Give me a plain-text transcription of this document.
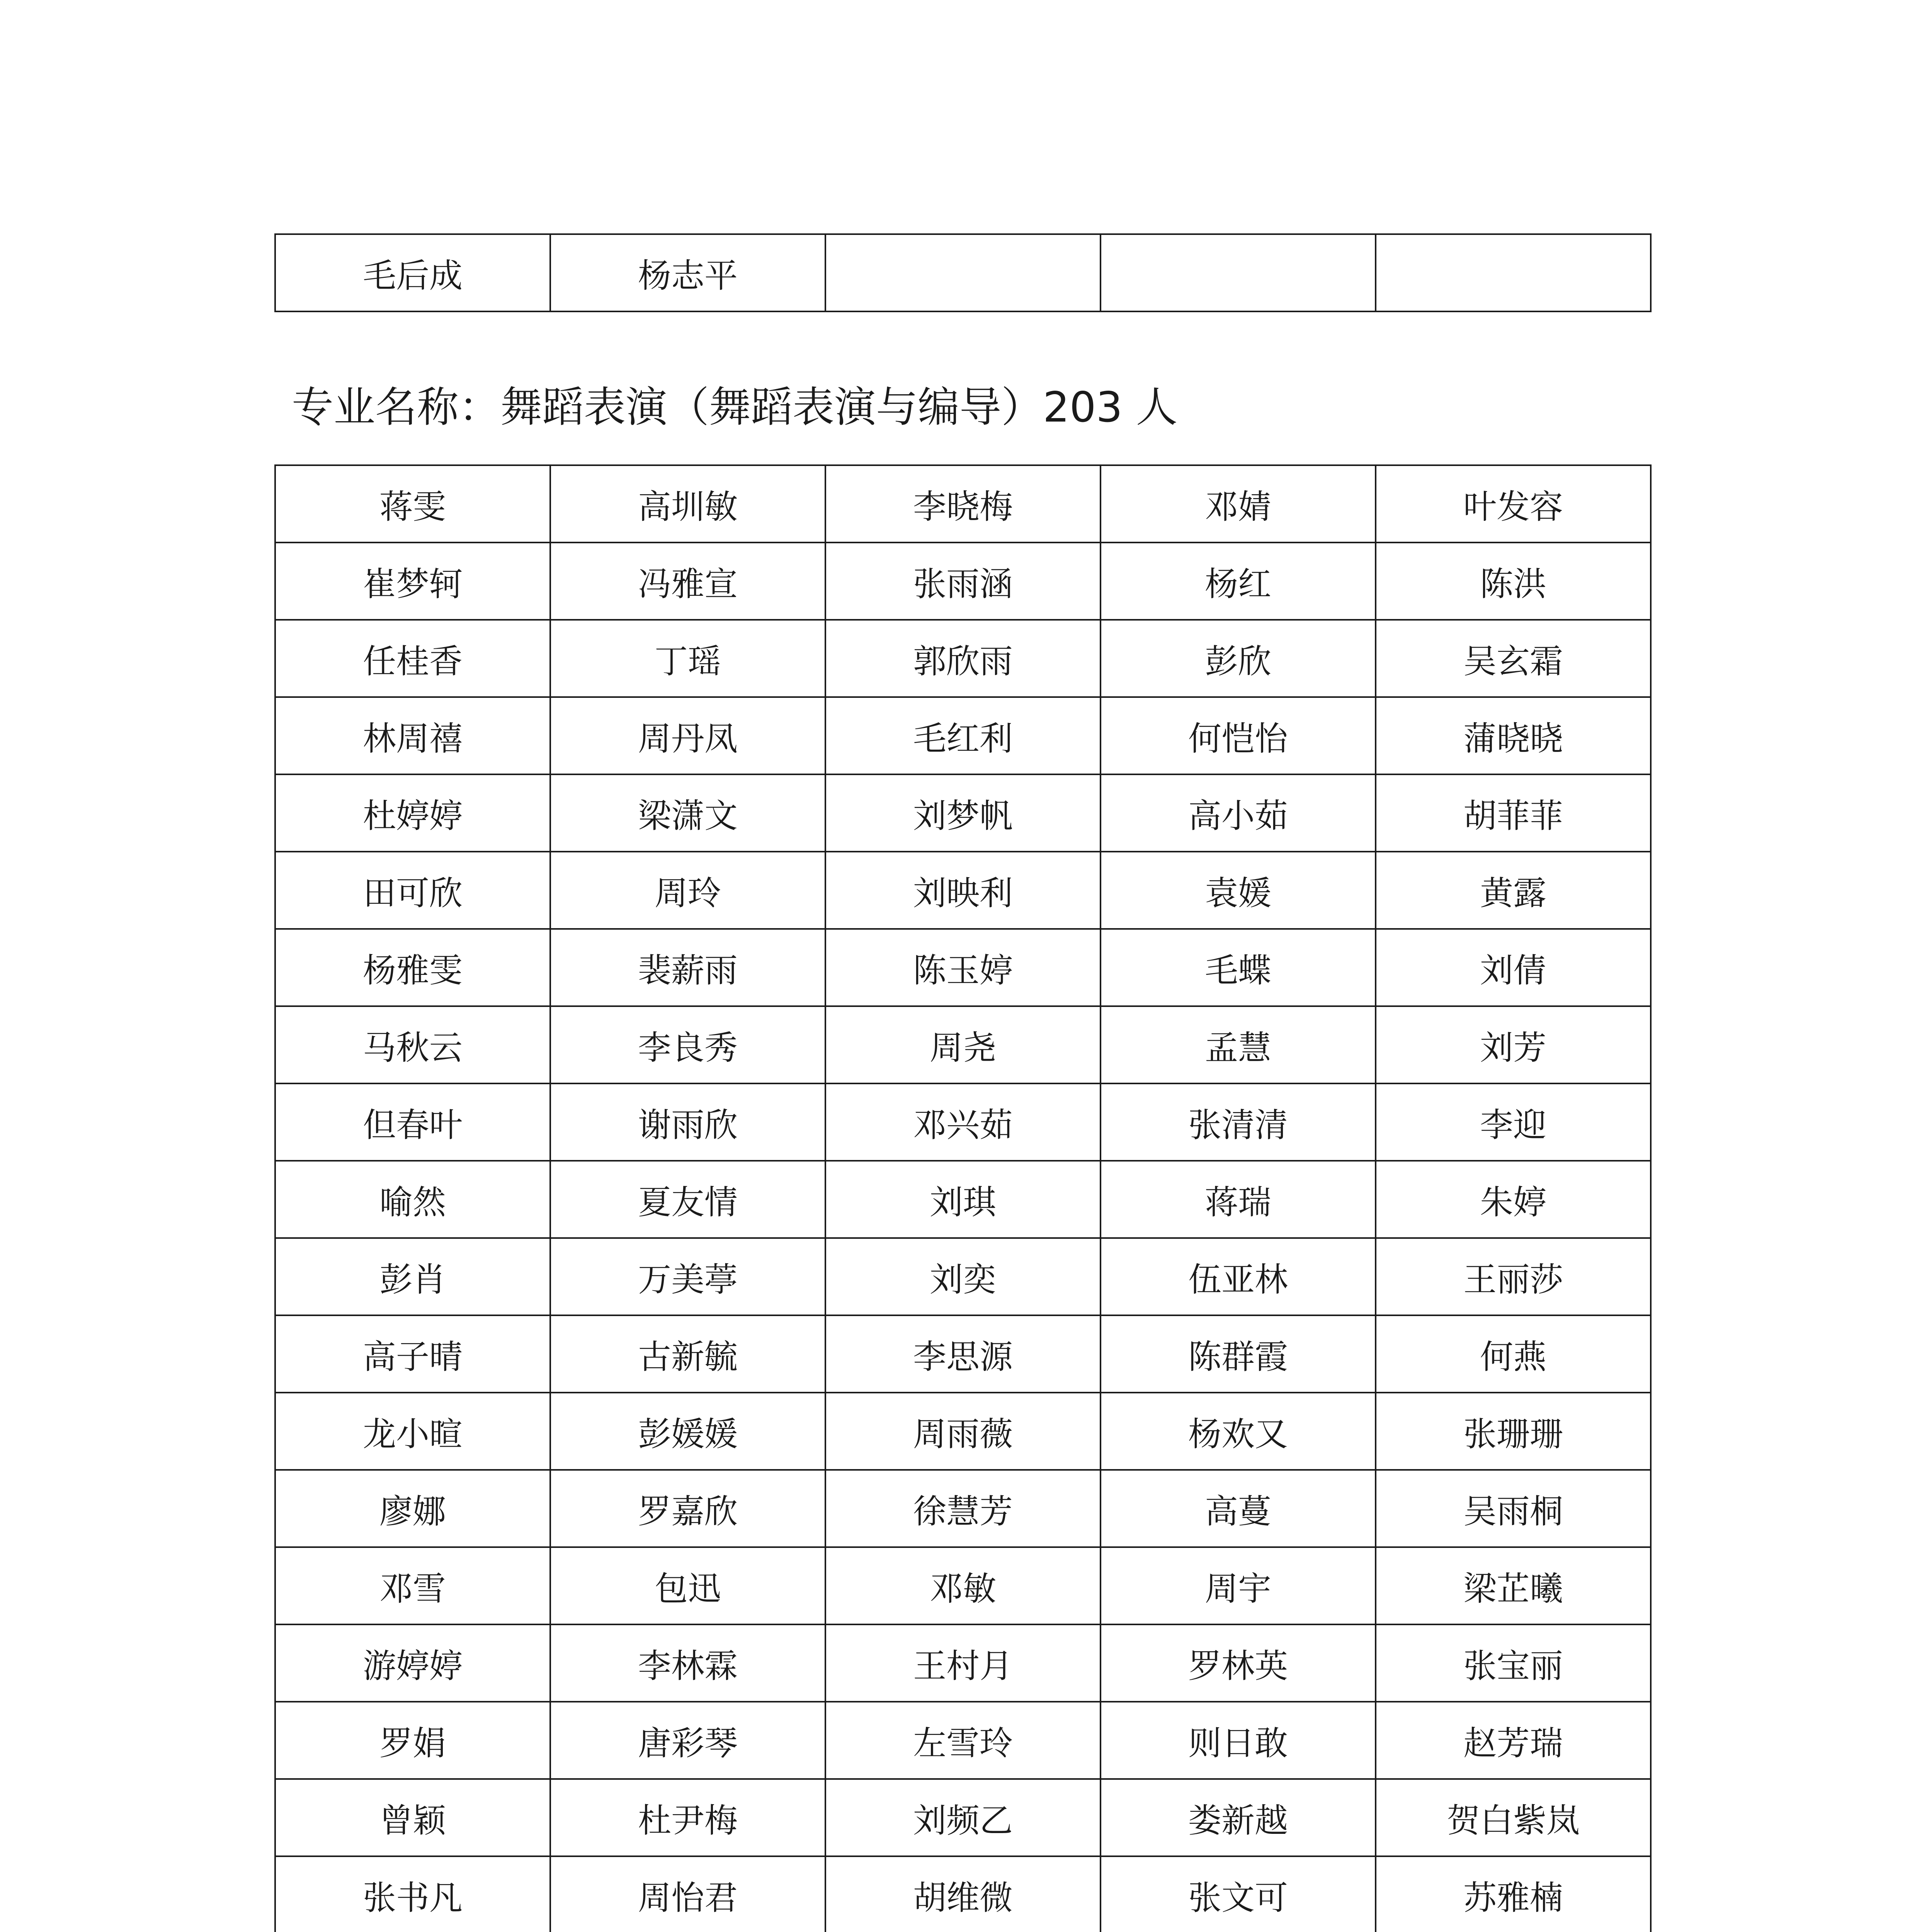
毛后成	杨志平			
专业名称：舞蹈表演（舞蹈表演与编导）203 人
蒋雯	高圳敏	李晓梅	邓婧	叶发容
崔梦轲	冯雅宣	张雨涵	杨红	陈洪
任桂香	丁瑶	郭欣雨	彭欣	吴玄霜
林周禧	周丹凤	毛红利	何恺怡	蒲晓晓
杜婷婷	梁潇文	刘梦帆	高小茹	胡菲菲
田可欣	周玲	刘映利	袁媛	黄露
杨雅雯	裴薪雨	陈玉婷	毛蝶	刘倩
马秋云	李良秀	周尧	孟慧	刘芳
但春叶	谢雨欣	邓兴茹	张清清	李迎
喻然	夏友情	刘琪	蒋瑞	朱婷
彭肖	万美葶	刘奕	伍亚林	王丽莎
高子晴	古新毓	李思源	陈群霞	何燕
龙小暄	彭媛媛	周雨薇	杨欢又	张珊珊
廖娜	罗嘉欣	徐慧芳	高蔓	吴雨桐
邓雪	包迅	邓敏	周宇	梁芷曦
游婷婷	李林霖	王村月	罗林英	张宝丽
罗娟	唐彩琴	左雪玲	则日敢	赵芳瑞
曾颖	杜尹梅	刘频乙	娄新越	贺白紫岚
张书凡	周怡君	胡维微	张文可	苏雅楠
